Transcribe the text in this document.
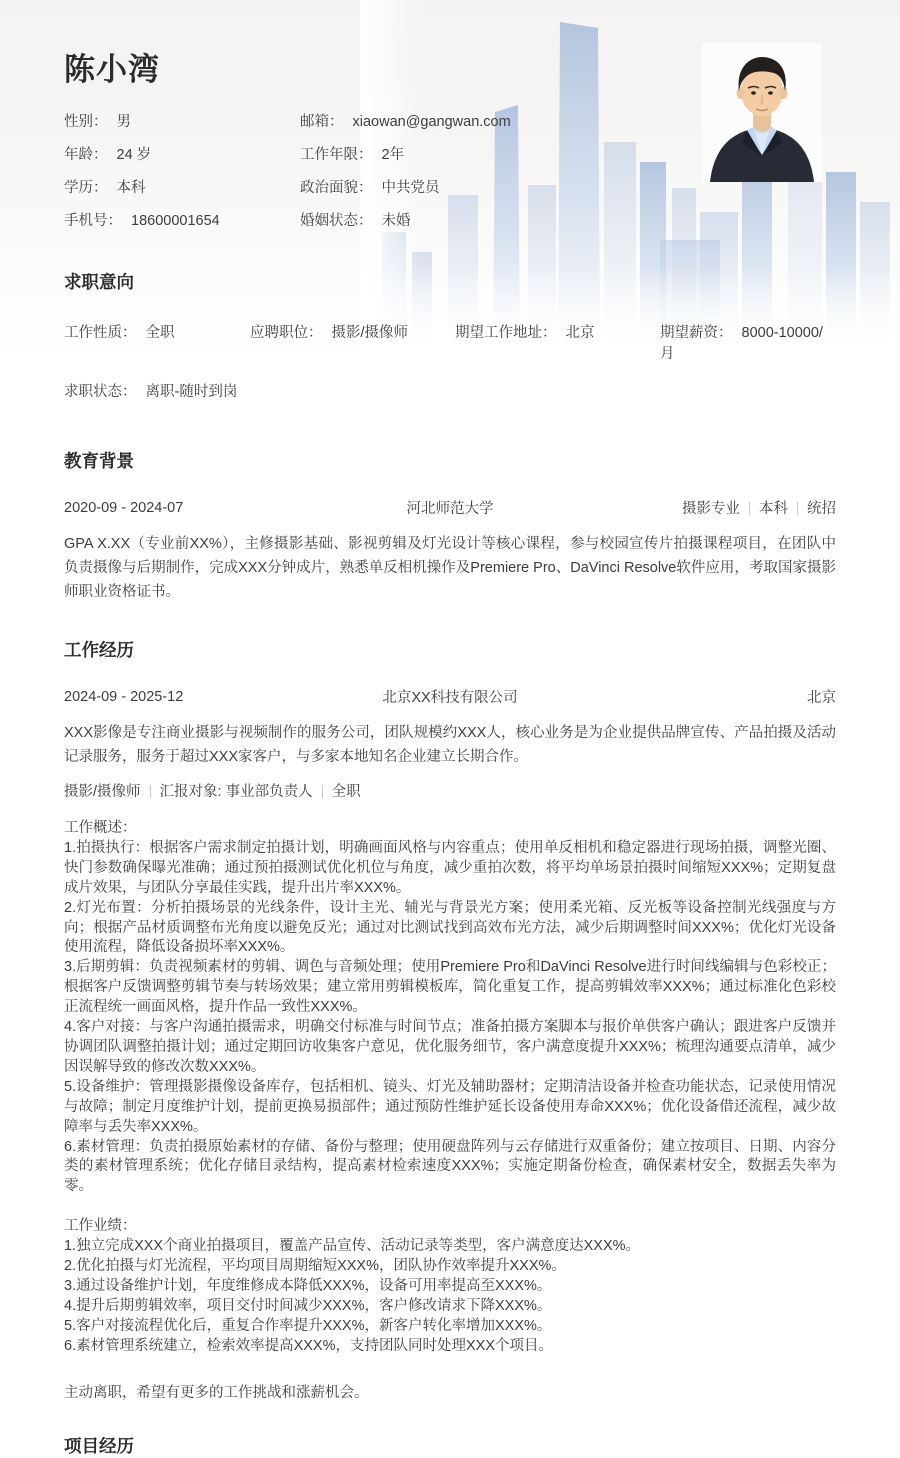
陈小湾
性别： 男
年龄： 24 岁
学历： 本科
手机号： 18600001654
邮箱： xiaowan@gangwan.com
工作年限： 2年
政治面貌： 中共党员
婚姻状态： 未婚
求职意向
工作性质： 全职	应聘职位： 摄影/摄像师	期望工作地址： 北京	期望薪资： 8000-10000/月
求职状态： 离职-随时到岗
教育背景
2020-09 - 2024-07	河北师范大学	摄影专业 本科 统招

GPA X.XX（专业前XX%），主修摄影基础、影视剪辑及灯光设计等核心课程，参与校园宣传片拍摄课程项目，在团队中负责摄像与后期制作，完成XXX分钟成片，熟悉单反相机操作及Premiere Pro、DaVinci Resolve软件应用，考取国家摄影师职业资格证书。

工作经历
2024-09 - 2025-12	北京XX科技有限公司	北京

XXX影像是专注商业摄影与视频制作的服务公司，团队规模约XXX人，核心业务是为企业提供品牌宣传、产品拍摄及活动记录服务，服务于超过XXX家客户，与多家本地知名企业建立长期合作。

摄影/摄像师 汇报对象: 事业部负责人 全职

工作概述：

1.拍摄执行：根据客户需求制定拍摄计划，明确画面风格与内容重点；使用单反相机和稳定器进行现场拍摄，调整光圈、快门参数确保曝光准确；通过预拍摄测试优化机位与角度，减少重拍次数，将平均单场景拍摄时间缩短XXX%；定期复盘成片效果，与团队分享最佳实践，提升出片率XXX%。

2.灯光布置：分析拍摄场景的光线条件，设计主光、辅光与背景光方案；使用柔光箱、反光板等设备控制光线强度与方向；根据产品材质调整布光角度以避免反光；通过对比测试找到高效布光方法，减少后期调整时间XXX%；优化灯光设备使用流程，降低设备损坏率XXX%。

3.后期剪辑：负责视频素材的剪辑、调色与音频处理；使用Premiere Pro和DaVinci Resolve进行时间线编辑与色彩校正；根据客户反馈调整剪辑节奏与转场效果；建立常用剪辑模板库，简化重复工作，提高剪辑效率XXX%；通过标准化色彩校正流程统一画面风格，提升作品一致性XXX%。

4.客户对接：与客户沟通拍摄需求，明确交付标准与时间节点；准备拍摄方案脚本与报价单供客户确认；跟进客户反馈并协调团队调整拍摄计划；通过定期回访收集客户意见，优化服务细节，客户满意度提升XXX%；梳理沟通要点清单，减少因误解导致的修改次数XXX%。

5.设备维护：管理摄影摄像设备库存，包括相机、镜头、灯光及辅助器材；定期清洁设备并检查功能状态，记录使用情况与故障；制定月度维护计划，提前更换易损部件；通过预防性维护延长设备使用寿命XXX%；优化设备借还流程，减少故障率与丢失率XXX%。

6.素材管理：负责拍摄原始素材的存储、备份与整理；使用硬盘阵列与云存储进行双重备份；建立按项目、日期、内容分类的素材管理系统；优化存储目录结构，提高素材检索速度XXX%；实施定期备份检查，确保素材安全，数据丢失率为零。

工作业绩：

1.独立完成XXX个商业拍摄项目，覆盖产品宣传、活动记录等类型，客户满意度达XXX%。

2.优化拍摄与灯光流程，平均项目周期缩短XXX%，团队协作效率提升XXX%。

3.通过设备维护计划，年度维修成本降低XXX%，设备可用率提高至XXX%。

4.提升后期剪辑效率，项目交付时间减少XXX%，客户修改请求下降XXX%。

5.客户对接流程优化后，重复合作率提升XXX%，新客户转化率增加XXX%。

6.素材管理系统建立，检索效率提高XXX%，支持团队同时处理XXX个项目。

主动离职，希望有更多的工作挑战和涨薪机会。
项目经历
